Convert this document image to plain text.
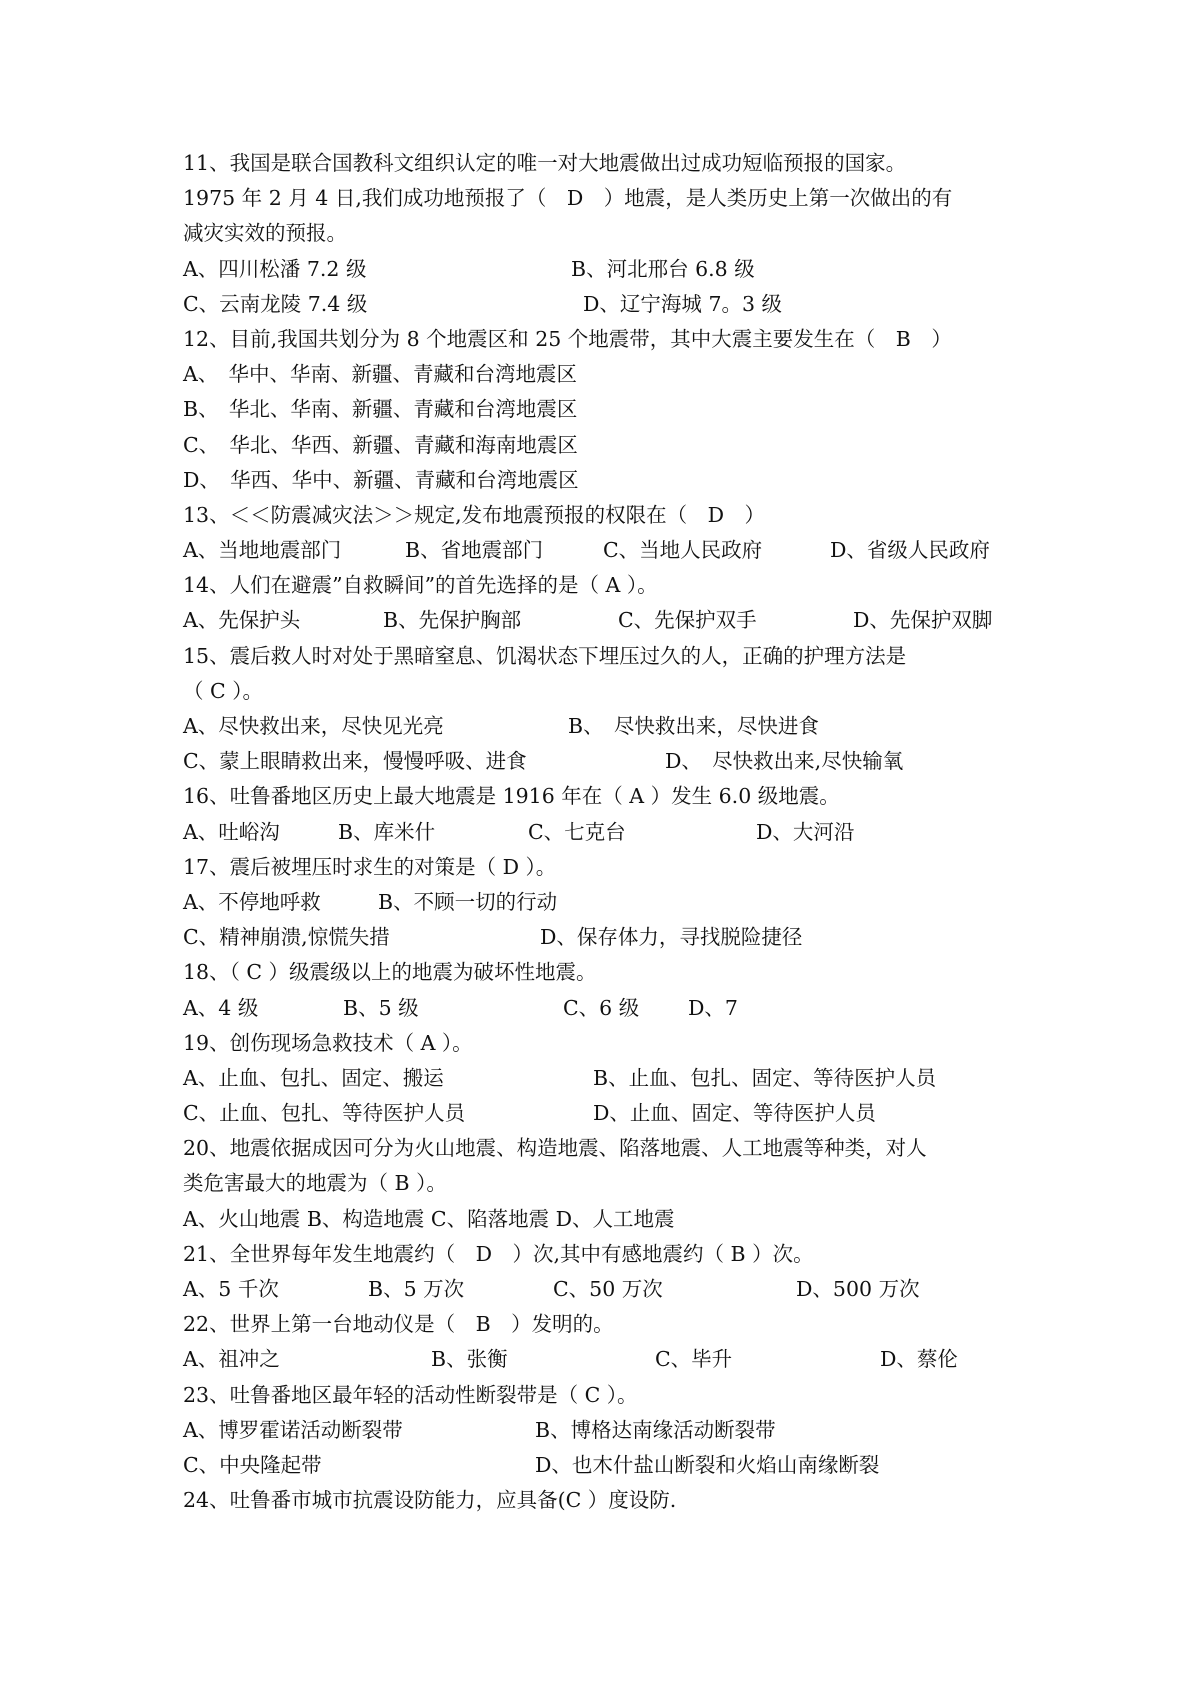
11、我国是联合国教科文组织认定的唯一对大地震做出过成功短临预报的国家。
1975 年 2 月 4 日,我们成功地预报了（　D　）地震，是人类历史上第一次做出的有
减灾实效的预报。

A、四川松潘 7.2 级

	B、河北邢台 6.8 级

C、云南龙陵 7.4 级

	D、辽宁海城 7。3 级

12、目前,我国共划分为 8 个地震区和 25 个地震带，其中大震主要发生在（　B　）
A、　华中、华南、新疆、青藏和台湾地震区
B、　华北、华南、新疆、青藏和台湾地震区
C、　华北、华西、新疆、青藏和海南地震区
D、　华西、华中、新疆、青藏和台湾地震区
13、＜＜防震减灾法＞＞规定,发布地震预报的权限在（　D　）

A、当地地震部门

	B、省地震部门

	C、当地人民政府

	D、省级人民政府

14、人们在避震”自救瞬间”的首先选择的是（ A ）。

A、先保护头

	B、先保护胸部

	C、先保护双手

	D、先保护双脚

15、震后救人时对处于黑暗窒息、饥渴状态下埋压过久的人，正确的护理方法是
（ C ）。

A、尽快救出来，尽快见光亮

	B、　尽快救出来，尽快进食

C、蒙上眼睛救出来，慢慢呼吸、进食

	D、　尽快救出来,尽快输氧

16、吐鲁番地区历史上最大地震是 1916 年在（ A ）发生 6.0 级地震。

A、吐峪沟

	B、库米什

	C、七克台

	D、大河沿

17、震后被埋压时求生的对策是（ D ）。

A、不停地呼救

	B、不顾一切的行动

C、精神崩溃,惊慌失措

	D、保存体力，寻找脱险捷径

18、（ C ）级震级以上的地震为破坏性地震。

A、4 级

	B、5 级

	C、6 级

D、7

19、创伤现场急救技术（ A ）。

A、止血、包扎、固定、搬运

	B、止血、包扎、固定、等待医护人员

C、止血、包扎、等待医护人员

	D、止血、固定、等待医护人员

20、地震依据成因可分为火山地震、构造地震、陷落地震、人工地震等种类，对人
类危害最大的地震为（ B ）。
A、火山地震 B、构造地震 C、陷落地震 D、人工地震
21、全世界每年发生地震约（　D　）次,其中有感地震约（ B ）次。

A、5 千次

	B、5 万次

	C、50 万次

	D、500 万次

22、世界上第一台地动仪是（　B　）发明的。

A、祖冲之

	B、张衡

	C、毕升

	D、蔡伦

23、吐鲁番地区最年轻的活动性断裂带是（ C ）。

A、博罗霍诺活动断裂带

	B、博格达南缘活动断裂带

C、中央隆起带

	D、也木什盐山断裂和火焰山南缘断裂

24、吐鲁番市城市抗震设防能力，应具备(C ）度设防.
